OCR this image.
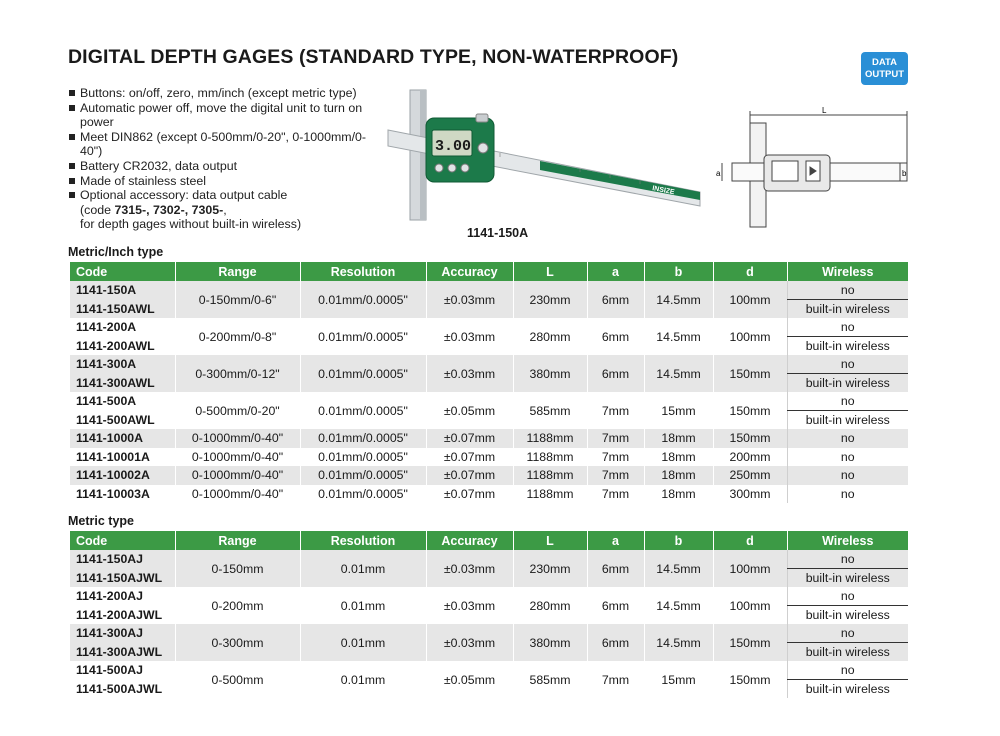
DIGITAL DEPTH GAGES (STANDARD TYPE, NON-WATERPROOF)	DATA
OUTPUT
Buttons: on/off, zero, mm/inch (except metric type)
Automatic power off, move the digital unit to turn on power
Meet DIN862 (except 0-500mm/0-20", 0-1000mm/0-40")
Battery CR2032, data output
Made of stainless steel
Optional accessory: data output cable
(code 7315-, 7302-, 7305-,
for depth gages without built-in wireless)
INSIZE
3.00
1141-150A
L
a	b
Metric/Inch type
Code	Range	Resolution	Accuracy	L	a	b	d	Wireless
1141-150A	0-150mm/0-6"	0.01mm/0.0005"	±0.03mm	230mm	6mm	14.5mm	100mm	no
1141-150AWL								built-in wireless
1141-200A	0-200mm/0-8"	0.01mm/0.0005"	±0.03mm	280mm	6mm	14.5mm	100mm	no
1141-200AWL								built-in wireless
1141-300A	0-300mm/0-12"	0.01mm/0.0005"	±0.03mm	380mm	6mm	14.5mm	150mm	no
1141-300AWL								built-in wireless
1141-500A	0-500mm/0-20"	0.01mm/0.0005"	±0.05mm	585mm	7mm	15mm	150mm	no
1141-500AWL								built-in wireless
1141-1000A	0-1000mm/0-40"	0.01mm/0.0005"	±0.07mm	1188mm	7mm	18mm	150mm	no
1141-10001A	0-1000mm/0-40"	0.01mm/0.0005"	±0.07mm	1188mm	7mm	18mm	200mm	no
1141-10002A	0-1000mm/0-40"	0.01mm/0.0005"	±0.07mm	1188mm	7mm	18mm	250mm	no
1141-10003A	0-1000mm/0-40"	0.01mm/0.0005"	±0.07mm	1188mm	7mm	18mm	300mm	no
Metric type
Code	Range	Resolution	Accuracy	L	a	b	d	Wireless
1141-150AJ	0-150mm	0.01mm	±0.03mm	230mm	6mm	14.5mm	100mm	no
1141-150AJWL								built-in wireless
1141-200AJ	0-200mm	0.01mm	±0.03mm	280mm	6mm	14.5mm	100mm	no
1141-200AJWL								built-in wireless
1141-300AJ	0-300mm	0.01mm	±0.03mm	380mm	6mm	14.5mm	150mm	no
1141-300AJWL								built-in wireless
1141-500AJ	0-500mm	0.01mm	±0.05mm	585mm	7mm	15mm	150mm	no
1141-500AJWL								built-in wireless
